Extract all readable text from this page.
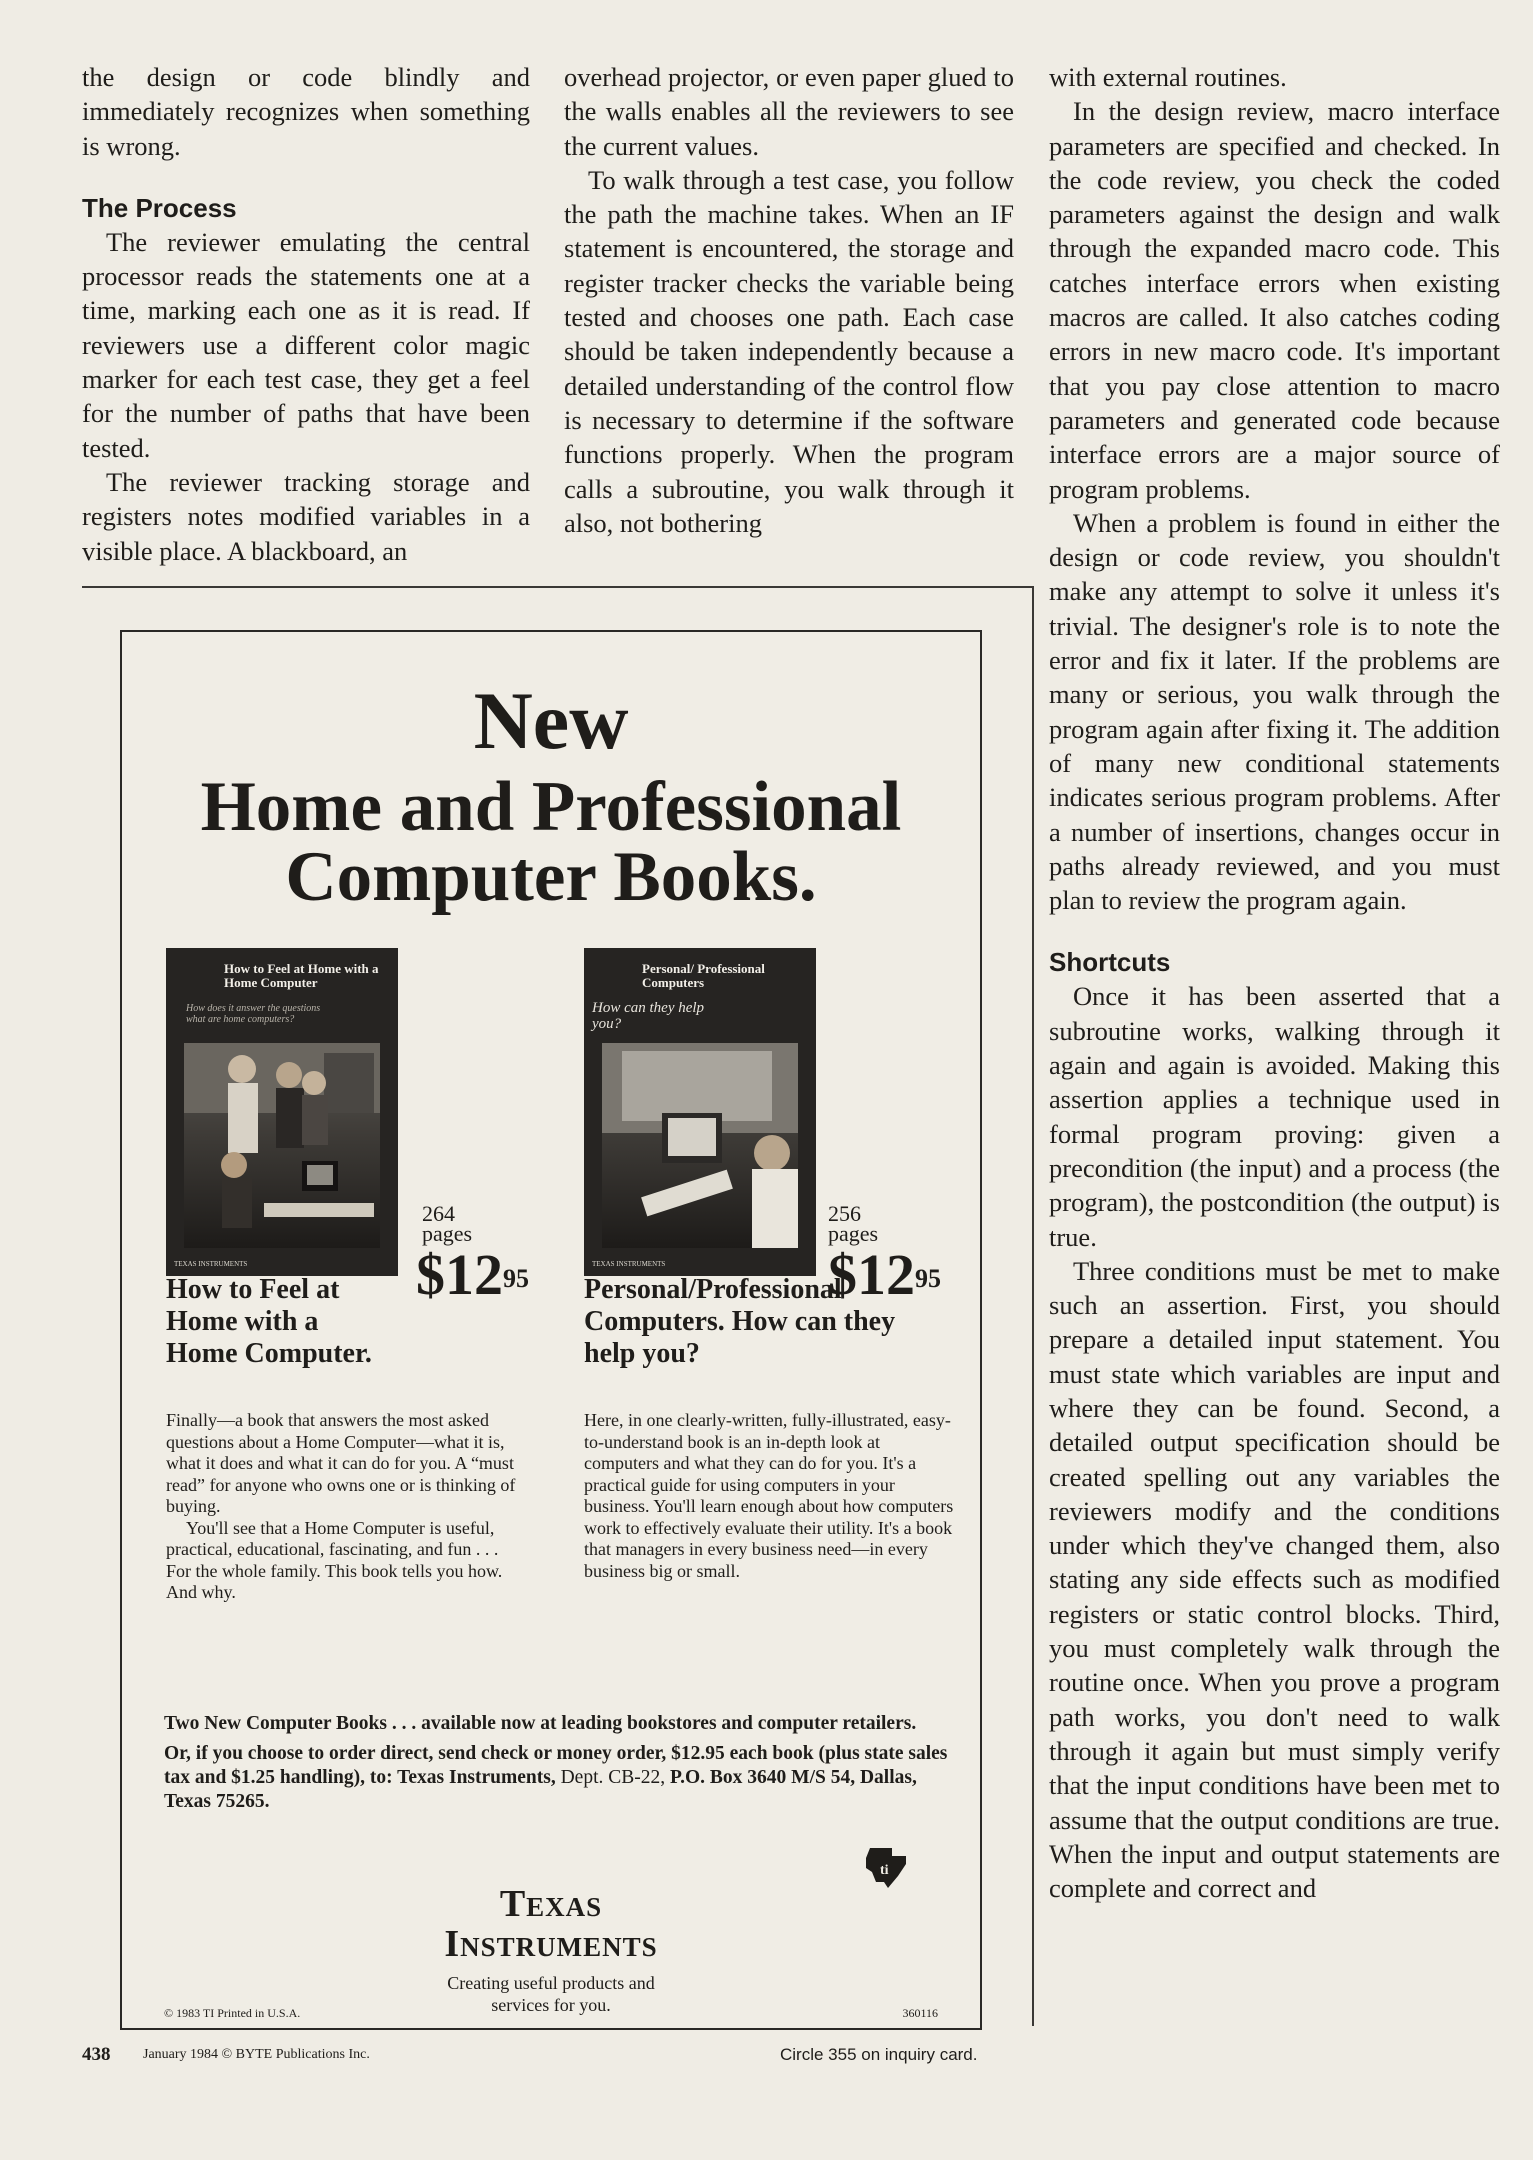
the design or code blindly and immediately recognizes when something is wrong.

The Process

The reviewer emulating the central processor reads the statements one at a time, marking each one as it is read. If reviewers use a different color magic marker for each test case, they get a feel for the number of paths that have been tested.

The reviewer tracking storage and registers notes modified variables in a visible place. A blackboard, an

overhead projector, or even paper glued to the walls enables all the reviewers to see the current values.

To walk through a test case, you follow the path the machine takes. When an IF statement is encountered, the storage and register tracker checks the variable being tested and chooses one path. Each case should be taken independently because a detailed understanding of the control flow is necessary to determine if the software functions properly. When the program calls a subroutine, you walk through it also, not bothering

with external routines.

In the design review, macro interface parameters are specified and checked. In the code review, you check the coded parameters against the design and walk through the expanded macro code. This catches interface errors when existing macros are called. It also catches coding errors in new macro code. It's important that you pay close attention to macro parameters and generated code because interface errors are a major source of program problems.

When a problem is found in either the design or code review, you shouldn't make any attempt to solve it unless it's trivial. The designer's role is to note the error and fix it later. If the problems are many or serious, you walk through the program again after fixing it. The addition of many new conditional statements indicates serious program problems. After a number of insertions, changes occur in paths already reviewed, and you must plan to review the program again.

Shortcuts

Once it has been asserted that a subroutine works, walking through it again and again is avoided. Making this assertion applies a technique used in formal program proving: given a precondition (the input) and a process (the program), the postcondition (the output) is true.

Three conditions must be met to make such an assertion. First, you should prepare a detailed input statement. You must state which variables are input and where they can be found. Second, a detailed output specification should be created spelling out any variables the reviewers modify and the conditions under which they've changed them, also stating any side effects such as modified registers or static control blocks. Third, you must completely walk through the routine once. When you prove a program path works, you don't need to walk through it again but must simply verify that the input conditions have been met to assume that the output conditions are true. When the input and output statements are complete and correct and

New
Home and Professional
Computer Books.
How to Feel at Home with a Home Computer
How does it answer the questions what are home computers?
TEXAS INSTRUMENTS
264
pages
$\$12^{95}$
How to Feel at Home with a Home Computer.

Finally—a book that answers the most asked questions about a Home Computer—what it is, what it does and what it can do for you. A “must read” for anyone who owns one or is thinking of buying.

You'll see that a Home Computer is useful, practical, educational, fascinating, and fun . . . For the whole family. This book tells you how. And why.

Personal/ Professional Computers
How can they help you?
TEXAS INSTRUMENTS
256
pages
$\$12^{95}$
Personal/Professional Computers. How can they help you?

Here, in one clearly-written, fully-illustrated, easy-to-understand book is an in-depth look at computers and what they can do for you. It's a practical guide for using computers in your business. You'll learn enough about how computers work to effectively evaluate their utility. It's a book that managers in every business need—in every business big or small.

Two New Computer Books . . . available now at leading bookstores and computer retailers.

Or, if you choose to order direct, send check or money order, $12.95 each book (plus state sales tax and $1.25 handling), to: Texas Instruments, Dept. CB-22, P.O. Box 3640 M/S 54, Dallas, Texas 75265.

ti
Texas
Instruments
Creating useful products and services for you.
© 1983 TI Printed in U.S.A.	360116
438 January 1984 © BYTE Publications Inc.	Circle 355 on inquiry card.
